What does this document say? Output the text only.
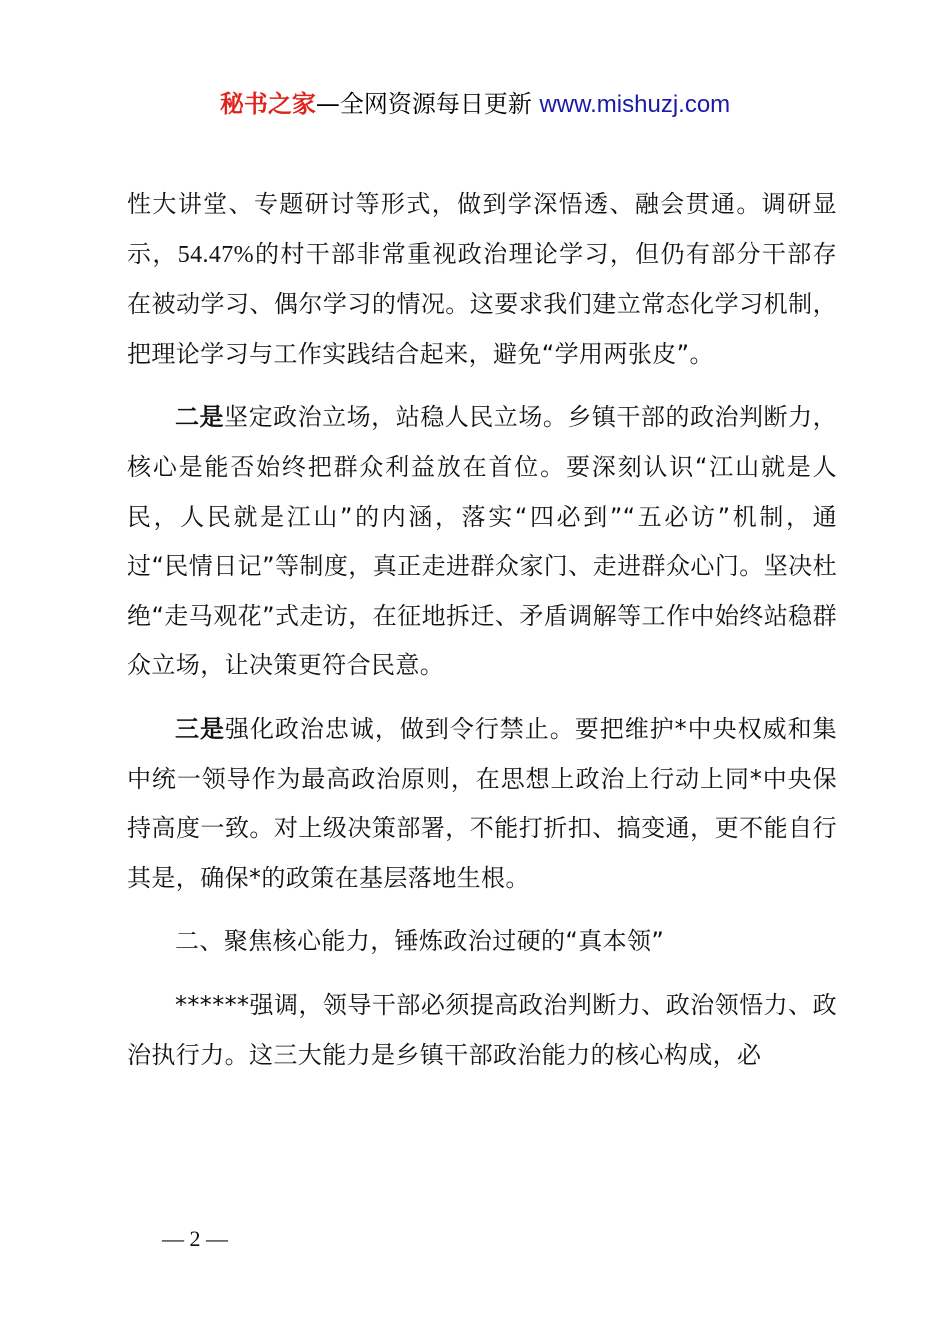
秘书之家—全网资源每日更新 www.mishuzj.com

性大讲堂、专题研讨等形式，做到学深悟透、融会贯通。调研显示，54.47%的村干部非常重视政治理论学习，但仍有部分干部存在被动学习、偶尔学习的情况。这要求我们建立常态化学习机制，把理论学习与工作实践结合起来，避免“学用两张皮”。

二是坚定政治立场，站稳人民立场。乡镇干部的政治判断力，核心是能否始终把群众利益放在首位。要深刻认识“江山就是人民，人民就是江山”的内涵，落实“四必到”“五必访”机制，通过“民情日记”等制度，真正走进群众家门、走进群众心门。坚决杜绝“走马观花”式走访，在征地拆迁、矛盾调解等工作中始终站稳群众立场，让决策更符合民意。

三是强化政治忠诚，做到令行禁止。要把维护*中央权威和集中统一领导作为最高政治原则，在思想上政治上行动上同*中央保持高度一致。对上级决策部署，不能打折扣、搞变通，更不能自行其是，确保*的政策在基层落地生根。

二、聚焦核心能力，锤炼政治过硬的“真本领”

******强调，领导干部必须提高政治判断力、政治领悟力、政治执行力。这三大能力是乡镇干部政治能力的核心构成，必

— 2 —
